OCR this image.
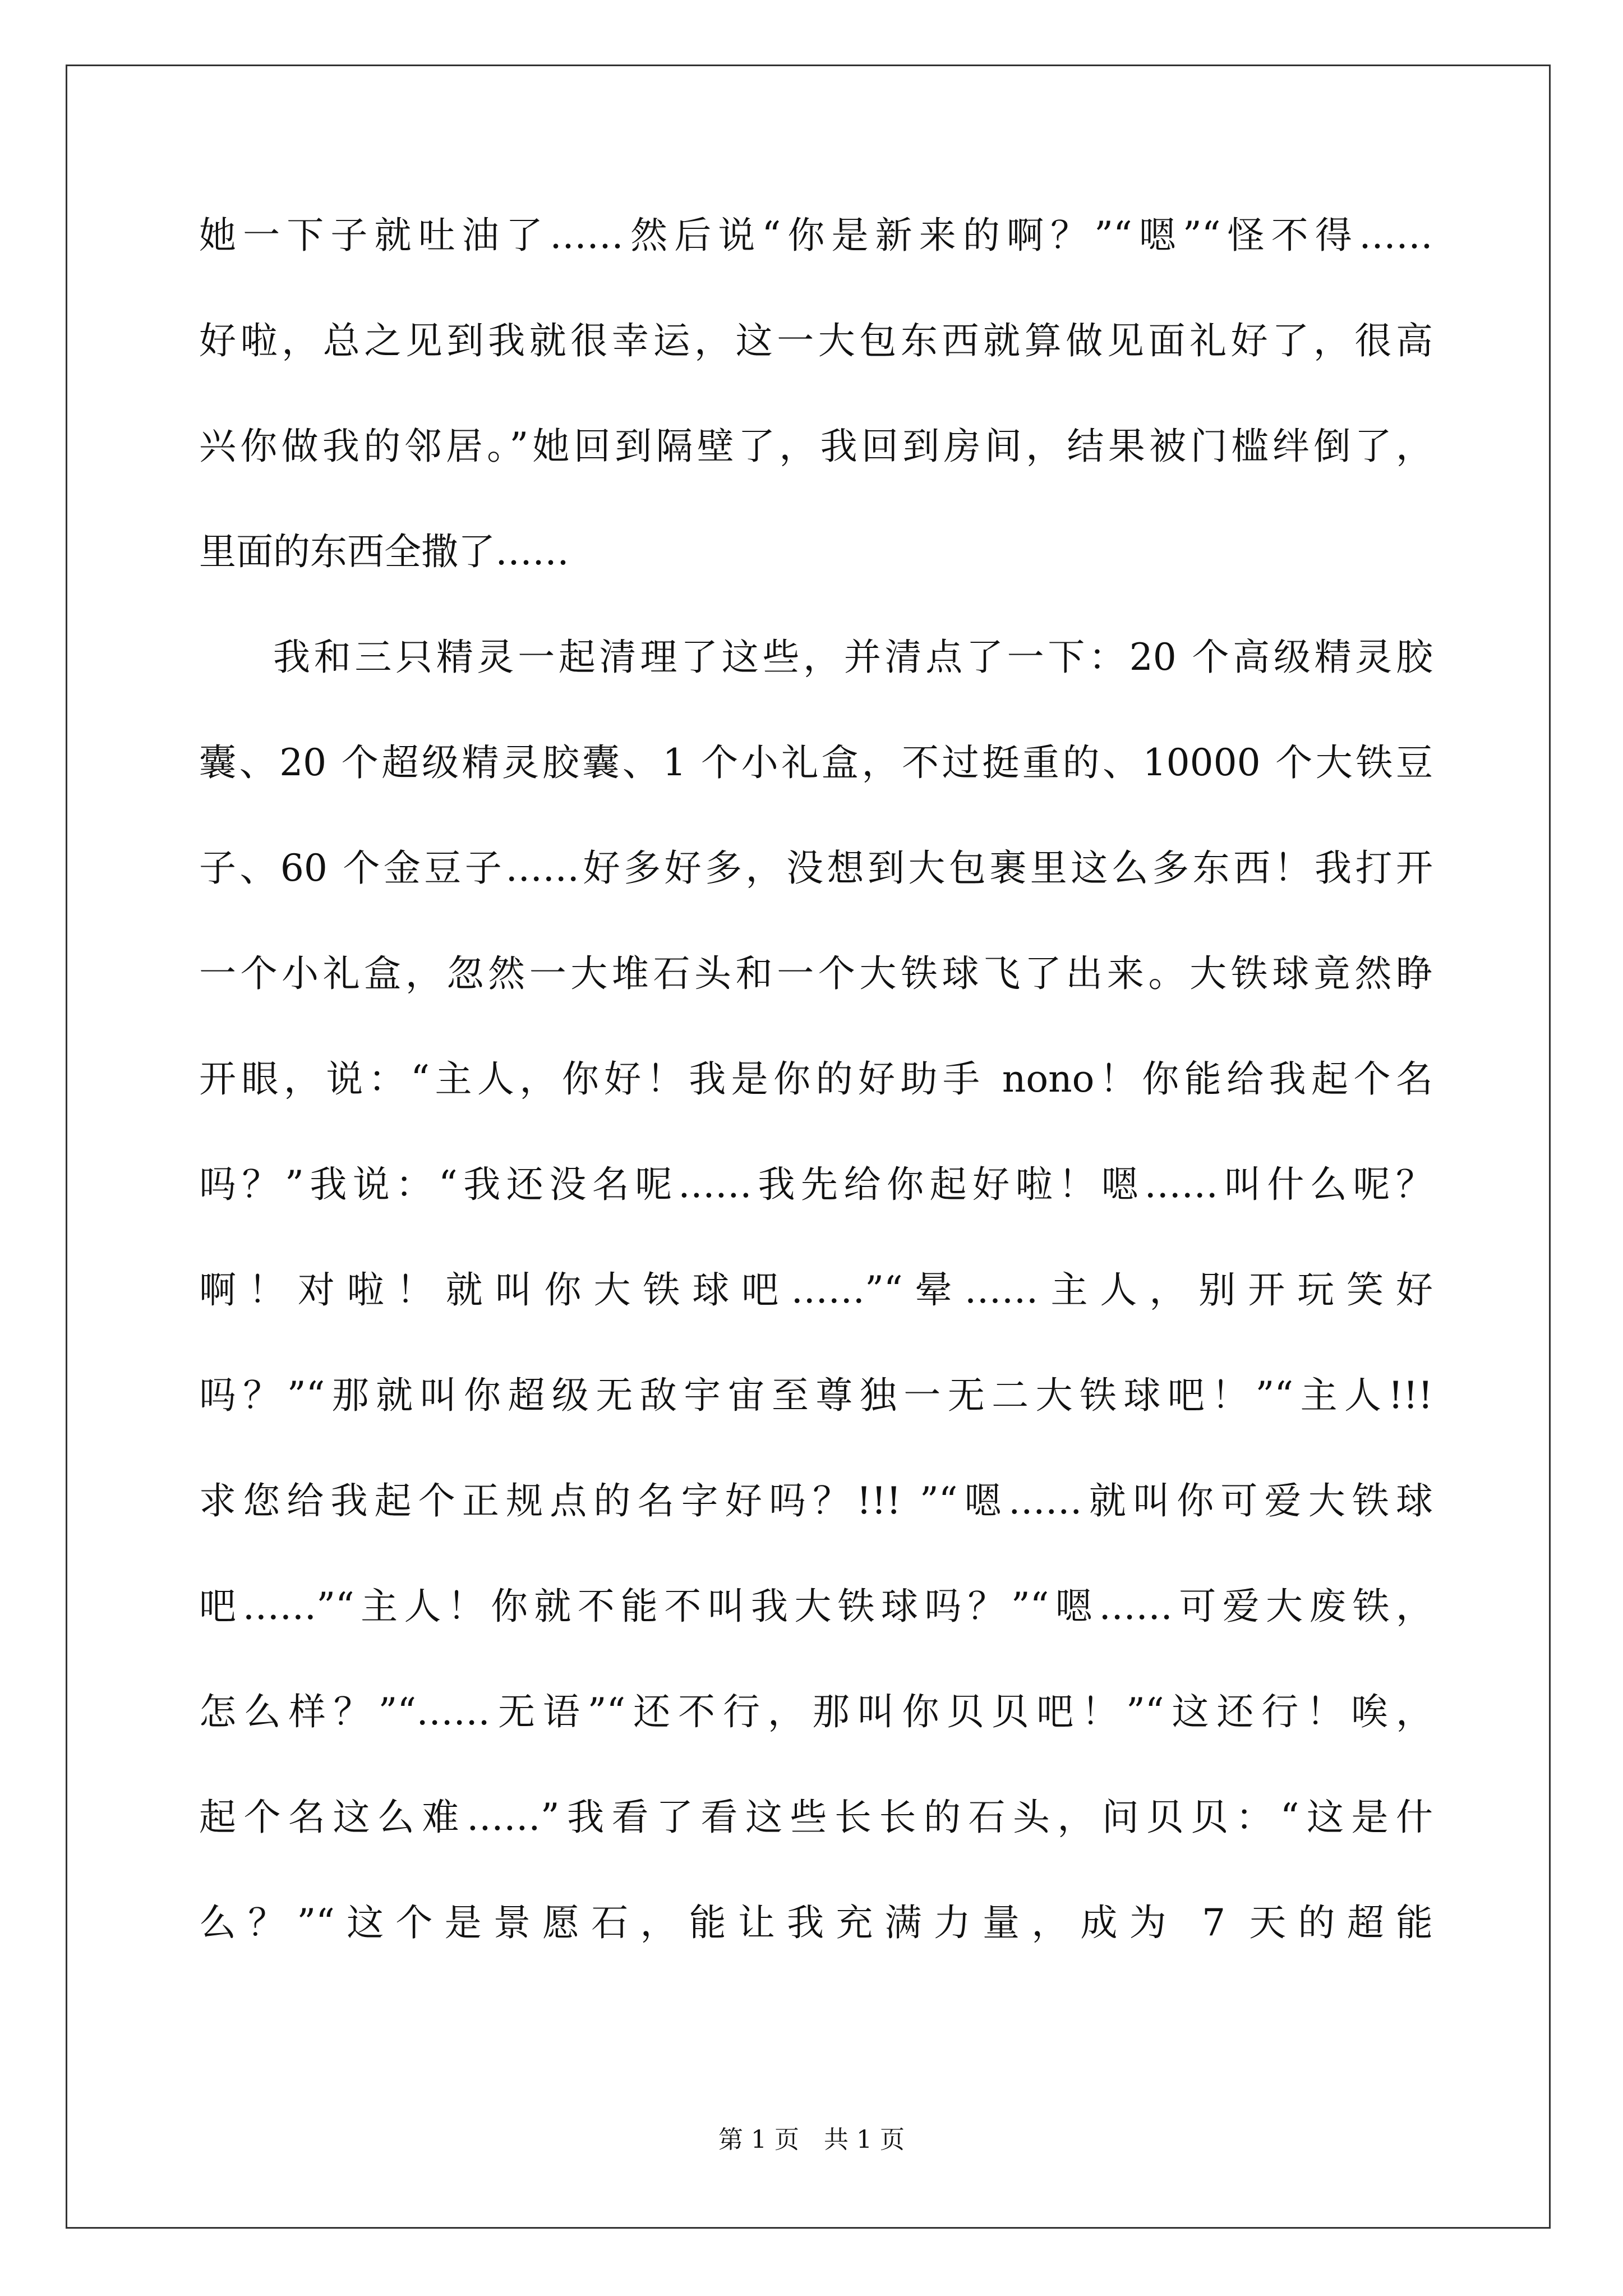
她一下子就吐油了……然后说“你是新来的啊？”“嗯”“怪不得……
好啦，总之见到我就很幸运，这一大包东西就算做见面礼好了，很高
兴你做我的邻居。”她回到隔壁了，我回到房间，结果被门槛绊倒了，
里面的东西全撒了……
我和三只精灵一起清理了这些，并清点了一下：20 个高级精灵胶
囊、20 个超级精灵胶囊、1 个小礼盒，不过挺重的、10000 个大铁豆
子、60 个金豆子……好多好多，没想到大包裹里这么多东西！我打开
一个小礼盒，忽然一大堆石头和一个大铁球飞了出来。大铁球竟然睁
开眼，说：“主人，你好！我是你的好助手 nono！你能给我起个名
吗？”我说：“我还没名呢……我先给你起好啦！嗯……叫什么呢？
啊！对啦！就叫你大铁球吧……”“晕……主人，别开玩笑好
吗？”“那就叫你超级无敌宇宙至尊独一无二大铁球吧！”“主人!!!
求您给我起个正规点的名字好吗？!!! ”“嗯……就叫你可爱大铁球
吧……”“主人！你就不能不叫我大铁球吗？”“嗯……可爱大废铁，
怎么样？”“……无语”“还不行，那叫你贝贝吧！”“这还行！唉，
起个名这么难……”我看了看这些长长的石头，问贝贝：“这是什
么？”“这个是景愿石，能让我充满力量，成为 7 天的超能
第 1 页　共 1 页
